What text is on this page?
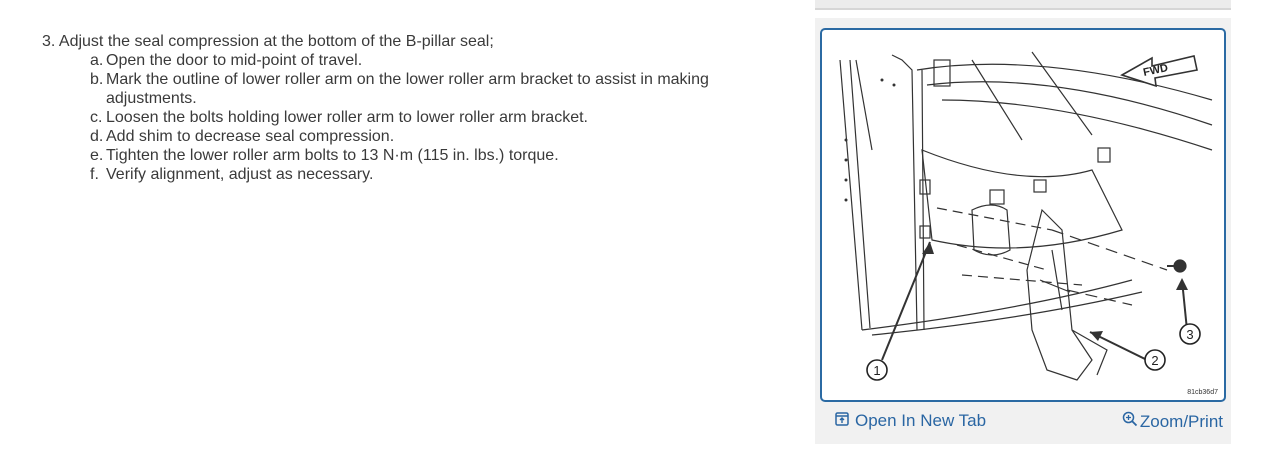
3. Adjust the seal compression at the bottom of the B-pillar seal;

a. Open the door to mid-point of travel.
b. Mark the outline of lower roller arm on the lower roller arm bracket to assist in making adjustments.
c. Loosen the bolts holding lower roller arm to lower roller arm bracket.
d. Add shim to decrease seal compression.
e. Tighten the lower roller arm bolts to 13 N·m (115 in. lbs.) torque.
f. Verify alignment, adjust as necessary.
FWD
1
2
3
81cb36d7
Open In New Tab	Zoom/Print
